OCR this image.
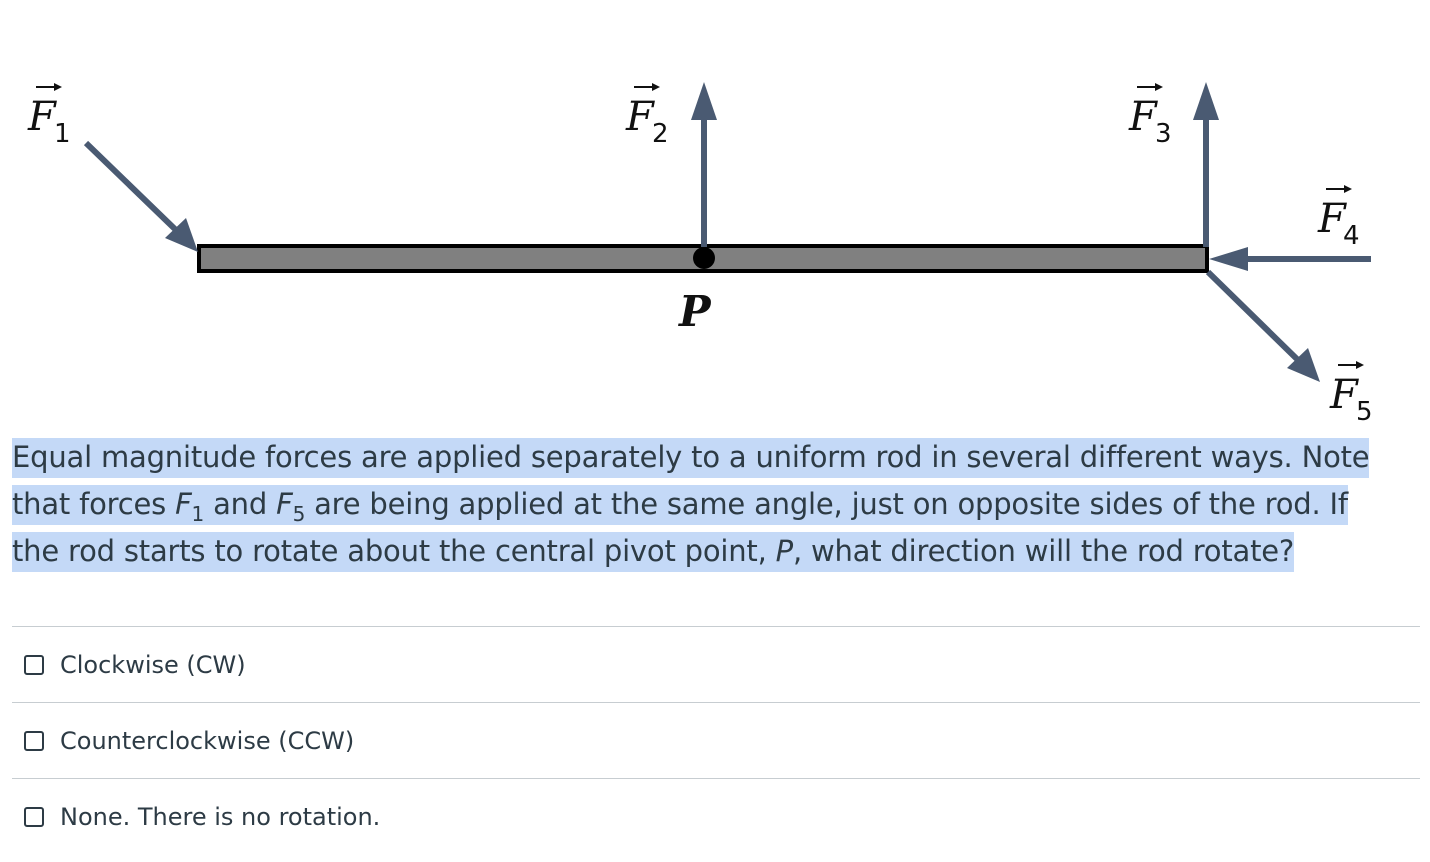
P
F
1	F
2	F
3
F
4
F
5
Equal magnitude forces are applied separately to a uniform rod in several different ways. Note that forces $F_1$ and $F_5$ are being applied at the same angle, just on opposite sides of the rod. If the rod starts to rotate about the central pivot point, P, what direction will the rod rotate?
Clockwise (CW)
Counterclockwise (CCW)
None. There is no rotation.
